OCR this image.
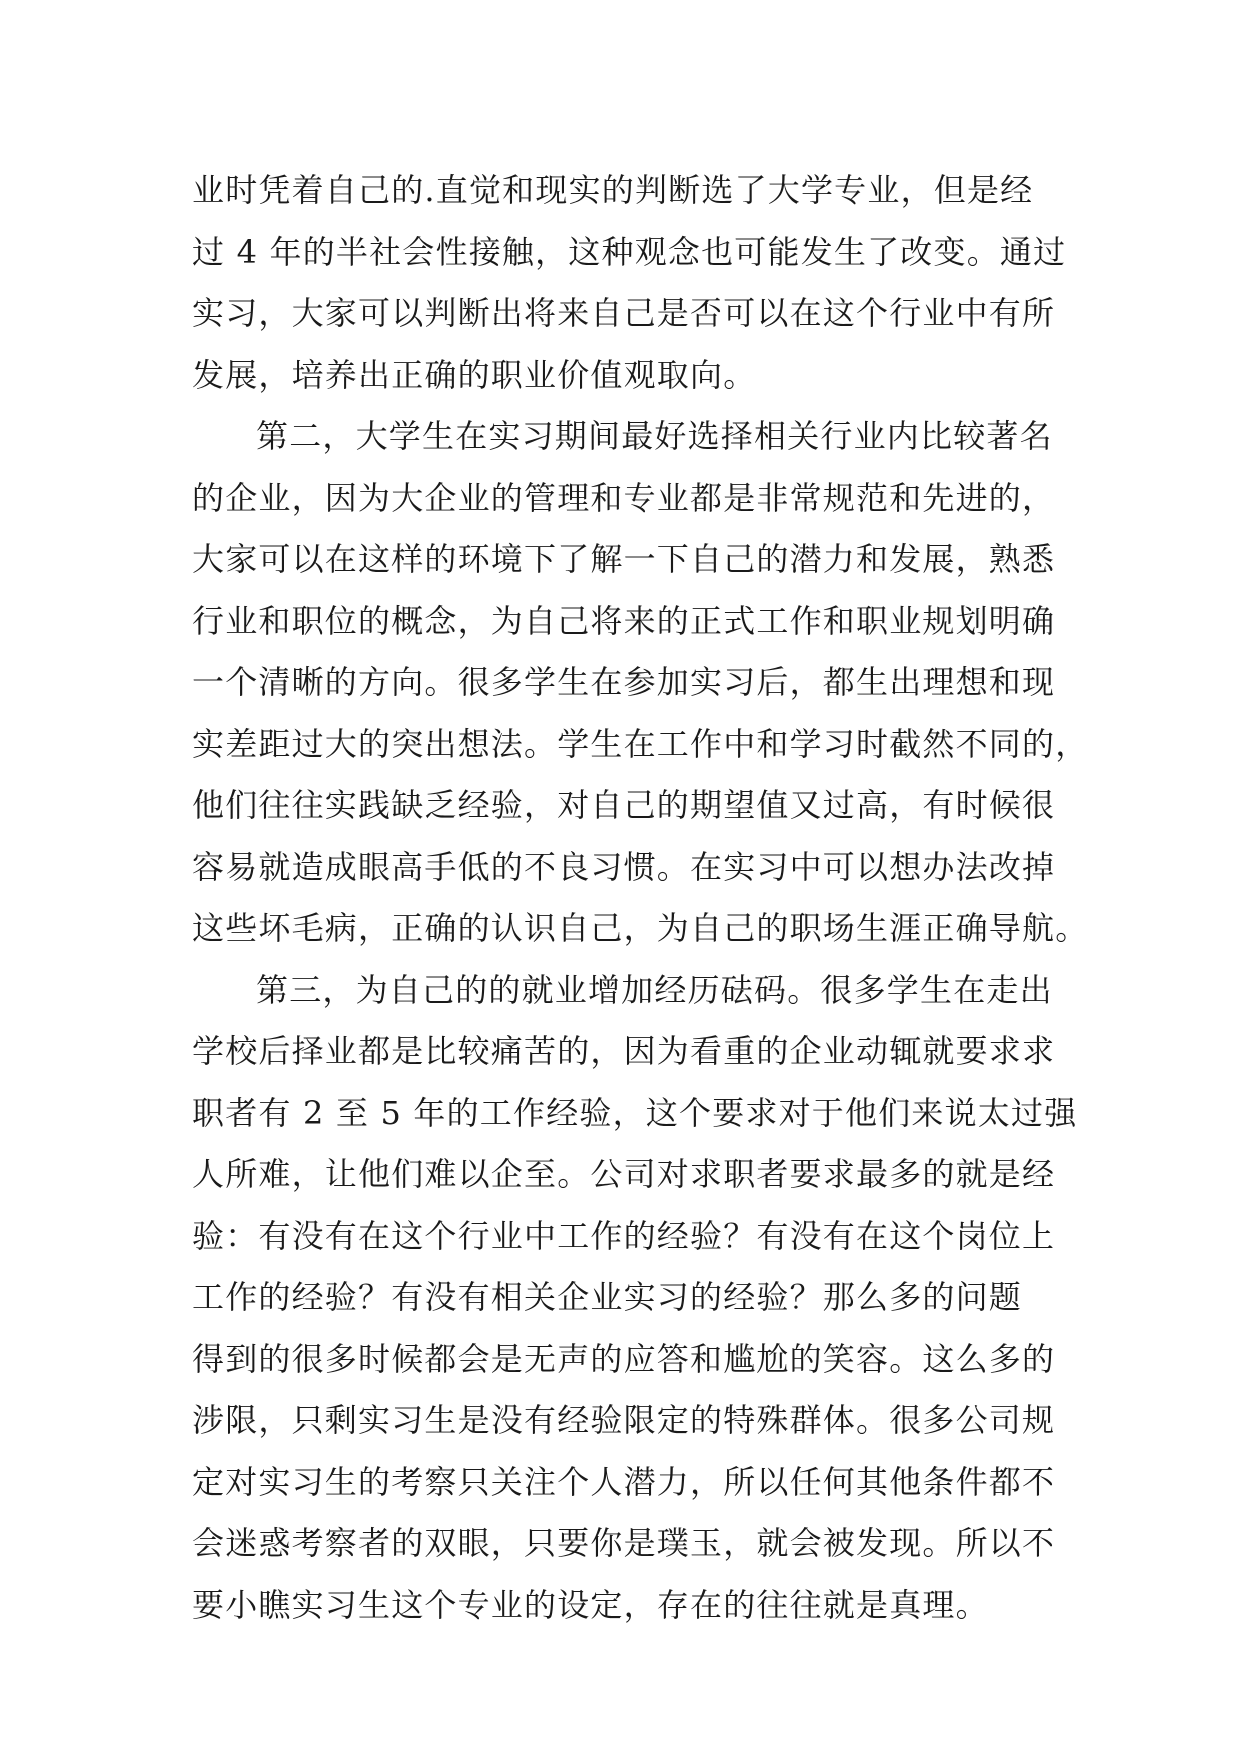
业时凭着自己的.直觉和现实的判断选了大学专业，但是经
过 4 年的半社会性接触，这种观念也可能发生了改变。通过
实习，大家可以判断出将来自己是否可以在这个行业中有所
发展，培养出正确的职业价值观取向。
第二，大学生在实习期间最好选择相关行业内比较著名
的企业，因为大企业的管理和专业都是非常规范和先进的，
大家可以在这样的环境下了解一下自己的潜力和发展，熟悉
行业和职位的概念，为自己将来的正式工作和职业规划明确
一个清晰的方向。很多学生在参加实习后，都生出理想和现
实差距过大的突出想法。学生在工作中和学习时截然不同的，
他们往往实践缺乏经验，对自己的期望值又过高，有时候很
容易就造成眼高手低的不良习惯。在实习中可以想办法改掉
这些坏毛病，正确的认识自己，为自己的职场生涯正确导航。
第三，为自己的的就业增加经历砝码。很多学生在走出
学校后择业都是比较痛苦的，因为看重的企业动辄就要求求
职者有 2 至 5 年的工作经验，这个要求对于他们来说太过强
人所难，让他们难以企至。公司对求职者要求最多的就是经
验：有没有在这个行业中工作的经验？有没有在这个岗位上
工作的经验？有没有相关企业实习的经验？那么多的问题
得到的很多时候都会是无声的应答和尴尬的笑容。这么多的
涉限，只剩实习生是没有经验限定的特殊群体。很多公司规
定对实习生的考察只关注个人潜力，所以任何其他条件都不
会迷惑考察者的双眼，只要你是璞玉，就会被发现。所以不
要小瞧实习生这个专业的设定，存在的往往就是真理。
